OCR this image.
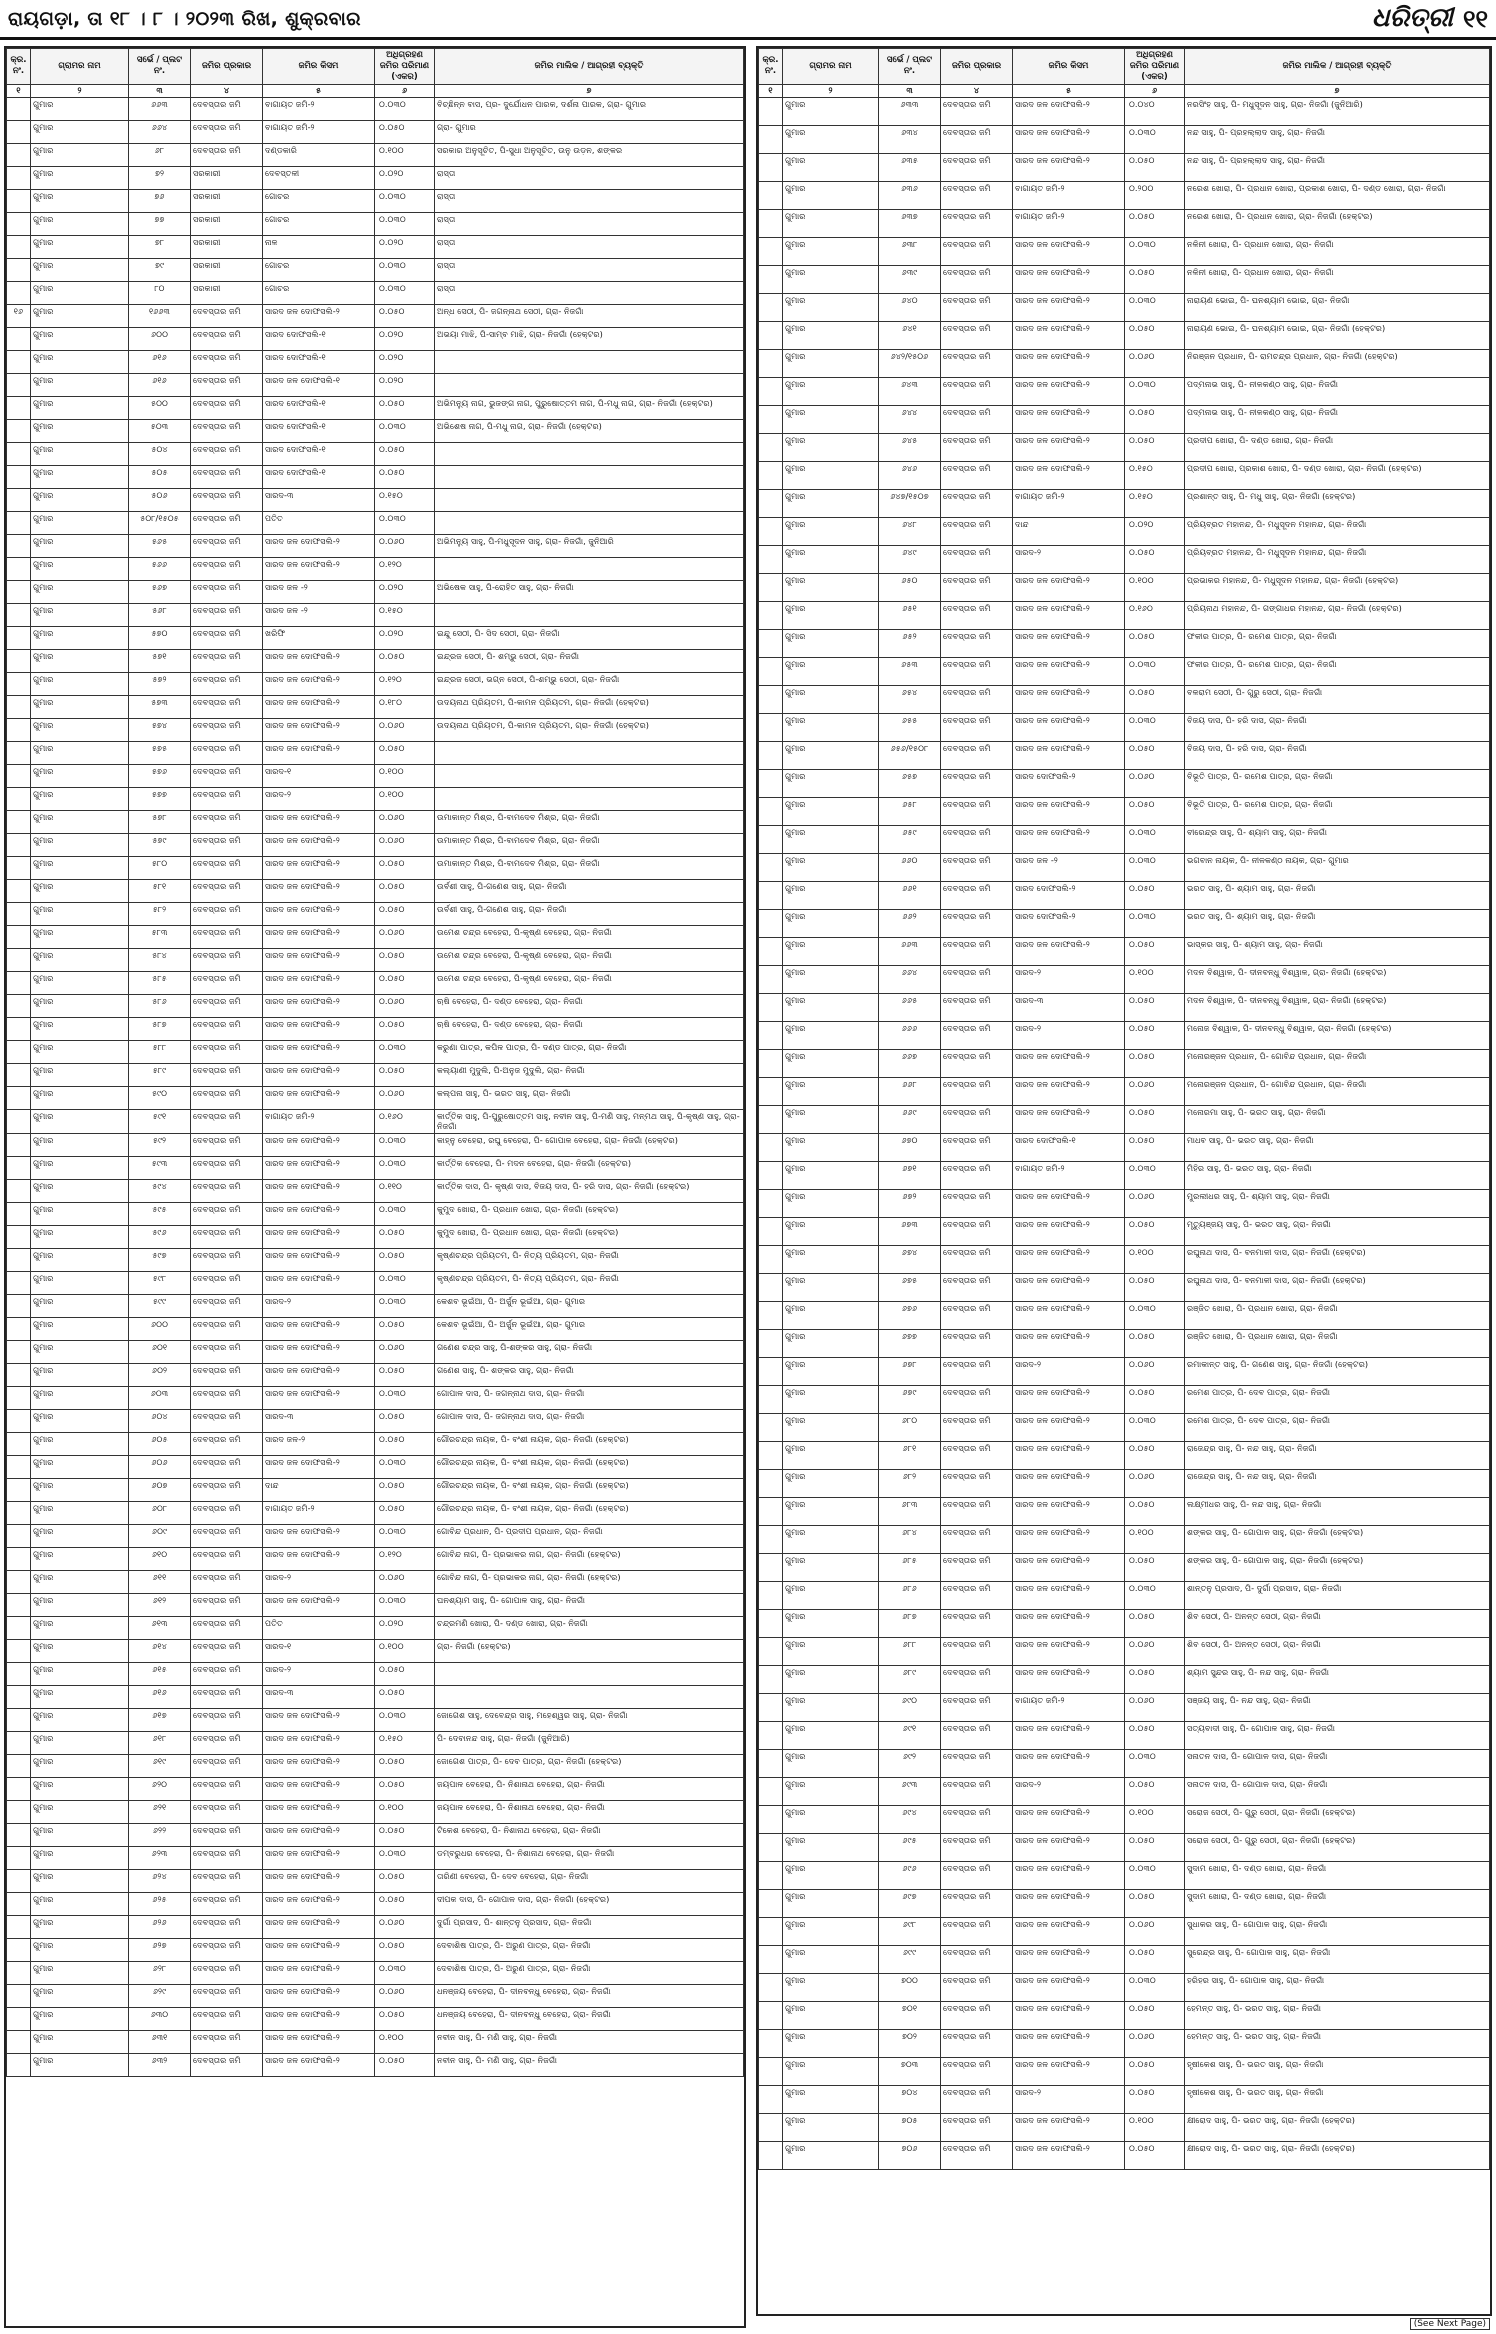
ରାୟଗଡ଼ା, ତା ୧୮ । ୮ । ୨୦୨୩ ରିଖ, ଶୁକ୍ରବାର	ଧରିତ୍ରୀ ୧୧
କ୍ର. ନଂ.	ଗ୍ରାମର ନାମ	ସର୍ଭେ / ପ୍ଲଟ ନଂ.	ଜମିର ପ୍ରକାର	ଜମିର କିସମ	ଅଧିଗ୍ରହଣ ଜମିର ପରିମାଣ (ଏକର)	ଜମିର ମାଲିକ / ଆଗ୍ରହୀ ବ୍ୟକ୍ତି
୧	୨	୩	୪	୫	୬	୭
	ଗୁମାର	୬୬୩	ଦେବସ୍ତାର ଜମି	ବାଗାୟତ ଜମି-୨	୦.୦୩୦	ବିଚ୍ଛିନ୍ନ ବାସ, ପ୍ର- ଦୁର୍ଯୋଧନ ପାରକ, ଦର୍ଶନା ପାରକ, ଗ୍ରା- ଗୁମାର
	ଗୁମାର	୬୬୪	ଦେବସ୍ତାର ଜମି	ବାଗାୟତ ଜମି-୨	୦.୦୫୦	ଗ୍ରା- ଗୁମାର
	ଗୁମାର	୬୮	ଦେବସ୍ତାର ଜମି	ଦଣ୍ଡକାରି	୦.୧୦୦	ସରକାର ଅନୁସୂଚିତ, ପି-ସୁଧା ଅନୁସୂଚିତ, ଉନୁ ଉଡ଼ନ, ଶଙ୍କର
	ଗୁମାର	୭୨	ସରକାରୀ	ଦେବସ୍ତଳୀ	୦.୦୨୦	ରାସ୍ତା
	ଗୁମାର	୭୬	ସରକାରୀ	ଗୋଚର	୦.୦୩୦	ରାସ୍ତା
	ଗୁମାର	୭୭	ସରକାରୀ	ଗୋଚର	୦.୦୩୦	ରାସ୍ତା
	ଗୁମାର	୭୮	ସରକାରୀ	ନାଳ	୦.୦୨୦	ରାସ୍ତା
	ଗୁମାର	୭୯	ସରକାରୀ	ଗୋଚର	୦.୦୩୦	ରାସ୍ତା
	ଗୁମାର	୮୦	ସରକାରୀ	ଗୋଚର	୦.୦୩୦	ରାସ୍ତା
୧୬	ଗୁମାର	୧୬୬୩	ଦେବସ୍ତାର ଜମି	ସାରଦ ଜଳ ଦୋଫସଲି-୨	୦.୦୫୦	ଅନ୍ଧ ସେଠୀ, ପି- ଜଗନ୍ନାଥ ସେଠୀ, ଗ୍ରା- ନିଜଗାଁ
	ଗୁମାର	୬୦୦	ଦେବସ୍ତାର ଜମି	ସାରଦ ଦୋଫସଲି-୧	୦.୦୨୦	ଅଭୟା ମାଝି, ପି-ସାମ୍ବ ମାଝି, ଗ୍ରା- ନିଜଗାଁ (ହେକ୍ଟର)
	ଗୁମାର	୬୧୬	ଦେବସ୍ତାର ଜମି	ସାରଦ ଦୋଫସଲି-୧	୦.୦୨୦	
	ଗୁମାର	୬୧୬	ଦେବସ୍ତାର ଜମି	ସାରଦ ଜଳ ଦୋଫସଲି-୧	୦.୦୨୦	
	ଗୁମାର	୫୦୦	ଦେବସ୍ତାର ଜମି	ସାରଦ ଦୋଫସଲି-୧	୦.୦୫୦	ଅଭିମନ୍ୟୁ ନାଗ, ଭୁଜଙ୍ଗ ନାଗ, ପୁରୁଷୋତ୍ତମ ନାଗ, ପି-ମଧୁ ନାଗ, ଗ୍ରା- ନିଜଗାଁ (ହେକ୍ଟର)
	ଗୁମାର	୫୦୩	ଦେବସ୍ତାର ଜମି	ସାରଦ ଦୋଫସଲି-୧	୦.୦୩୦	ଅଭିଶେଷ ନାଗ, ପି-ମଧୁ ନାଗ, ଗ୍ରା- ନିଜଗାଁ (ହେକ୍ଟର)
	ଗୁମାର	୫୦୪	ଦେବସ୍ତାର ଜମି	ସାରଦ ଦୋଫସଲି-୧	୦.୦୫୦	
	ଗୁମାର	୫୦୫	ଦେବସ୍ତାର ଜମି	ସାରଦ ଦୋଫସଲି-୧	୦.୦୫୦	
	ଗୁମାର	୫୦୬	ଦେବସ୍ତାର ଜମି	ସାରଦ-୩	୦.୧୫୦	
	ଗୁମାର	୫୦୮/୧୫୦୫	ଦେବସ୍ତାର ଜମି	ପତିତ	୦.୦୩୦	
	ଗୁମାର	୫୬୫	ଦେବସ୍ତାର ଜମି	ସାରଦ ଜଳ ଦୋଫସଲି-୨	୦.୦୬୦	ଅଭିମନ୍ୟୁ ସାହୁ, ପି-ମଧୁସୂଦନ ସାହୁ, ଗ୍ରା- ନିଜଗାଁ, ଜୁନିଆରି
	ଗୁମାର	୫୬୬	ଦେବସ୍ତାର ଜମି	ସାରଦ ଜଳ ଦୋଫସଲି-୨	୦.୧୨୦	
	ଗୁମାର	୫୬୭	ଦେବସ୍ତାର ଜମି	ସାରଦ ଜଳ -୨	୦.୦୨୦	ଅଭିଷେକ ସାହୁ, ପି-ରୋହିତ ସାହୁ, ଗ୍ରା- ନିଜଗାଁ
	ଗୁମାର	୫୬୮	ଦେବସ୍ତାର ଜମି	ସାରଦ ଜଳ -୨	୦.୧୫୦	
	ଗୁମାର	୫୭୦	ଦେବସ୍ତାର ଜମି	ଖରିଫି	୦.୦୨୦	ଇନ୍ଦୁ ସେଠୀ, ପି- ସିଦ ସେଠୀ, ଗ୍ରା- ନିଜଗାଁ
	ଗୁମାର	୫୭୧	ଦେବସ୍ତାର ଜମି	ସାରଦ ଜଳ ଦୋଫସଲି-୨	୦.୦୫୦	ଇନ୍ଦ୍ରଜ ସେଠୀ, ପି- ଶମ୍ଭୁ ସେଠୀ, ଗ୍ରା- ନିଜଗାଁ
	ଗୁମାର	୫୭୨	ଦେବସ୍ତାର ଜମି	ସାରଦ ଜଳ ଦୋଫସଲି-୨	୦.୧୨୦	ଇନ୍ଦ୍ରଜ ସେଠୀ, ଭଗ୍ନ ସେଠୀ, ପି-ଶମ୍ଭୁ ସେଠୀ, ଗ୍ରା- ନିଜଗାଁ
	ଗୁମାର	୫୭୩	ଦେବସ୍ତାର ଜମି	ସାରଦ ଜଳ ଦୋଫସଲି-୨	୦.୧୮୦	ଉଦୟନାଥ ପ୍ରିୟତମ, ପି-କାମନ ପ୍ରିୟତମ, ଗ୍ରା- ନିଜଗାଁ (ହେକ୍ଟର)
	ଗୁମାର	୫୭୪	ଦେବସ୍ତାର ଜମି	ସାରଦ ଜଳ ଦୋଫସଲି-୨	୦.୦୬୦	ଉଦୟନାଥ ପ୍ରିୟତମ, ପି-କାମନ ପ୍ରିୟତମ, ଗ୍ରା- ନିଜଗାଁ (ହେକ୍ଟର)
	ଗୁମାର	୫୭୫	ଦେବସ୍ତାର ଜମି	ସାରଦ ଜଳ ଦୋଫସଲି-୨	୦.୦୫୦	
	ଗୁମାର	୫୭୬	ଦେବସ୍ତାର ଜମି	ସାରଦ-୧	୦.୧୦୦	
	ଗୁମାର	୫୭୭	ଦେବସ୍ତାର ଜମି	ସାରଦ-୨	୦.୧୦୦	
	ଗୁମାର	୫୭୮	ଦେବସ୍ତାର ଜମି	ସାରଦ ଜଳ ଦୋଫସଲି-୨	୦.୦୬୦	ଉମାକାନ୍ତ ମିଶ୍ର, ପି-ବାମଦେବ ମିଶ୍ର, ଗ୍ରା- ନିଜଗାଁ
	ଗୁମାର	୫୭୯	ଦେବସ୍ତାର ଜମି	ସାରଦ ଜଳ ଦୋଫସଲି-୨	୦.୦୬୦	ଉମାକାନ୍ତ ମିଶ୍ର, ପି-ବାମଦେବ ମିଶ୍ର, ଗ୍ରା- ନିଜଗାଁ
	ଗୁମାର	୫୮୦	ଦେବସ୍ତାର ଜମି	ସାରଦ ଜଳ ଦୋଫସଲି-୨	୦.୦୫୦	ଉମାକାନ୍ତ ମିଶ୍ର, ପି-ବାମଦେବ ମିଶ୍ର, ଗ୍ରା- ନିଜଗାଁ
	ଗୁମାର	୫୮୧	ଦେବସ୍ତାର ଜମି	ସାରଦ ଜଳ ଦୋଫସଲି-୨	୦.୦୫୦	ଉର୍ବଶୀ ସାହୁ, ପି-ଗଣେଶ ସାହୁ, ଗ୍ରା- ନିଜଗାଁ
	ଗୁମାର	୫୮୨	ଦେବସ୍ତାର ଜମି	ସାରଦ ଜଳ ଦୋଫସଲି-୨	୦.୦୫୦	ଉର୍ବଶୀ ସାହୁ, ପି-ଗଣେଶ ସାହୁ, ଗ୍ରା- ନିଜଗାଁ
	ଗୁମାର	୫୮୩	ଦେବସ୍ତାର ଜମି	ସାରଦ ଜଳ ଦୋଫସଲି-୨	୦.୦୬୦	ଉମେଶ ଚନ୍ଦ୍ର ବେହେରା, ପି-କୃଷ୍ଣ ବେହେରା, ଗ୍ରା- ନିଜଗାଁ
	ଗୁମାର	୫୮୪	ଦେବସ୍ତାର ଜମି	ସାରଦ ଜଳ ଦୋଫସଲି-୨	୦.୦୫୦	ଉମେଶ ଚନ୍ଦ୍ର ବେହେରା, ପି-କୃଷ୍ଣ ବେହେରା, ଗ୍ରା- ନିଜଗାଁ
	ଗୁମାର	୫୮୫	ଦେବସ୍ତାର ଜମି	ସାରଦ ଜଳ ଦୋଫସଲି-୨	୦.୦୫୦	ଉମେଶ ଚନ୍ଦ୍ର ବେହେରା, ପି-କୃଷ୍ଣ ବେହେରା, ଗ୍ରା- ନିଜଗାଁ
	ଗୁମାର	୫୮୬	ଦେବସ୍ତାର ଜମି	ସାରଦ ଜଳ ଦୋଫସଲି-୨	୦.୦୬୦	ଋଷି ବେହେରା, ପି- ଦଣ୍ଡ ବେହେରା, ଗ୍ରା- ନିଜଗାଁ
	ଗୁମାର	୫୮୭	ଦେବସ୍ତାର ଜମି	ସାରଦ ଜଳ ଦୋଫସଲି-୨	୦.୦୫୦	ଋଷି ବେହେରା, ପି- ଦଣ୍ଡ ବେହେରା, ଗ୍ରା- ନିଜଗାଁ
	ଗୁମାର	୫୮୮	ଦେବସ୍ତାର ଜମି	ସାରଦ ଜଳ ଦୋଫସଲି-୨	୦.୦୩୦	କରୁଣା ପାତ୍ର, କପିଳ ପାତ୍ର, ପି- ଦଣ୍ଡ ପାତ୍ର, ଗ୍ରା- ନିଜଗାଁ
	ଗୁମାର	୫୮୯	ଦେବସ୍ତାର ଜମି	ସାରଦ ଜଳ ଦୋଫସଲି-୨	୦.୦୫୦	କଲ୍ୟାଣୀ ମୁଦୁଲି, ପି-ଅନୁଜ ମୁଦୁଲି, ଗ୍ରା- ନିଜଗାଁ
	ଗୁମାର	୫୯୦	ଦେବସ୍ତାର ଜମି	ସାରଦ ଜଳ ଦୋଫସଲି-୨	୦.୦୬୦	କଲ୍ପନା ସାହୁ, ପି- ଭରତ ସାହୁ, ଗ୍ରା- ନିଜଗାଁ
	ଗୁମାର	୫୯୧	ଦେବସ୍ତାର ଜମି	ବାଗାୟତ ଜମି-୨	୦.୧୬୦	କାର୍ତ୍ତିକ ସାହୁ, ପି-ପୁରୁଷୋତ୍ତମ ସାହୁ, ନବୀନ ସାହୁ, ପି-ମଣି ସାହୁ, ମନ୍ମଥ ସାହୁ, ପି-କୃଷ୍ଣ ସାହୁ, ଗ୍ରା- ନିଜଗାଁ
	ଗୁମାର	୫୯୨	ଦେବସ୍ତାର ଜମି	ସାରଦ ଜଳ ଦୋଫସଲି-୨	୦.୦୩୦	କାହ୍ନୁ ବେହେରା, ରଘୁ ବେହେରା, ପି- ଗୋପାଳ ବେହେରା, ଗ୍ରା- ନିଜଗାଁ (ହେକ୍ଟର)
	ଗୁମାର	୫୯୩	ଦେବସ୍ତାର ଜମି	ସାରଦ ଜଳ ଦୋଫସଲି-୨	୦.୦୩୦	କାର୍ତ୍ତିକ ବେହେରା, ପି- ମଦନ ବେହେରା, ଗ୍ରା- ନିଜଗାଁ (ହେକ୍ଟର)
	ଗୁମାର	୫୯୪	ଦେବସ୍ତାର ଜମି	ସାରଦ ଜଳ ଦୋଫସଲି-୨	୦.୧୧୦	କାର୍ତ୍ତିକ ଦାସ, ପି- କୃଷ୍ଣ ଦାସ, ବିଜୟ ଦାସ, ପି- ହରି ଦାସ, ଗ୍ରା- ନିଜଗାଁ (ହେକ୍ଟର)
	ଗୁମାର	୫୯୫	ଦେବସ୍ତାର ଜମି	ସାରଦ ଜଳ ଦୋଫସଲି-୨	୦.୦୩୦	କୁମୁଦ ଖୋରା, ପି- ପ୍ରଧାନ ଖୋରା, ଗ୍ରା- ନିଜଗାଁ (ହେକ୍ଟର)
	ଗୁମାର	୫୯୬	ଦେବସ୍ତାର ଜମି	ସାରଦ ଜଳ ଦୋଫସଲି-୨	୦.୦୫୦	କୁମୁଦ ଖୋରା, ପି- ପ୍ରଧାନ ଖୋରା, ଗ୍ରା- ନିଜଗାଁ (ହେକ୍ଟର)
	ଗୁମାର	୫୯୭	ଦେବସ୍ତାର ଜମି	ସାରଦ ଜଳ ଦୋଫସଲି-୨	୦.୦୫୦	କୃଷ୍ଣଚନ୍ଦ୍ର ପ୍ରିୟତମ, ପି- ନିତ୍ୟ ପ୍ରିୟତମ, ଗ୍ରା- ନିଜଗାଁ
	ଗୁମାର	୫୯୮	ଦେବସ୍ତାର ଜମି	ସାରଦ ଜଳ ଦୋଫସଲି-୨	୦.୦୩୦	କୃଷ୍ଣଚନ୍ଦ୍ର ପ୍ରିୟତମ, ପି- ନିତ୍ୟ ପ୍ରିୟତମ, ଗ୍ରା- ନିଜଗାଁ
	ଗୁମାର	୫୯୯	ଦେବସ୍ତାର ଜମି	ସାରଦ-୨	୦.୦୩୦	କେଶବ ଭୂଇଁଆ, ପି- ଅର୍ଜୁନ ଭୂଇଁଆ, ଗ୍ରା- ଗୁମାର
	ଗୁମାର	୬୦୦	ଦେବସ୍ତାର ଜମି	ସାରଦ ଜଳ ଦୋଫସଲି-୨	୦.୦୫୦	କେଶବ ଭୂଇଁଆ, ପି- ଅର୍ଜୁନ ଭୂଇଁଆ, ଗ୍ରା- ଗୁମାର
	ଗୁମାର	୬୦୧	ଦେବସ୍ତାର ଜମି	ସାରଦ ଜଳ ଦୋଫସଲି-୨	୦.୦୬୦	ଗଣେଶ ଚନ୍ଦ୍ର ସାହୁ, ପି-ଶଙ୍କର ସାହୁ, ଗ୍ରା- ନିଜଗାଁ
	ଗୁମାର	୬୦୨	ଦେବସ୍ତାର ଜମି	ସାରଦ ଜଳ ଦୋଫସଲି-୨	୦.୦୫୦	ଗଣେଶ ସାହୁ, ପି- ଶଙ୍କର ସାହୁ, ଗ୍ରା- ନିଜଗାଁ
	ଗୁମାର	୬୦୩	ଦେବସ୍ତାର ଜମି	ସାରଦ ଜଳ ଦୋଫସଲି-୨	୦.୦୩୦	ଗୋପାଳ ଦାସ, ପି- ଜଗନ୍ନାଥ ଦାସ, ଗ୍ରା- ନିଜଗାଁ
	ଗୁମାର	୬୦୪	ଦେବସ୍ତାର ଜମି	ସାରଦ-୩	୦.୦୫୦	ଗୋପାଳ ଦାସ, ପି- ଜଗନ୍ନାଥ ଦାସ, ଗ୍ରା- ନିଜଗାଁ
	ଗୁମାର	୬୦୫	ଦେବସ୍ତାର ଜମି	ସାରଦ ଜଳ-୨	୦.୦୫୦	ଗୌରଚନ୍ଦ୍ର ନାୟକ, ପି- ବଂଶୀ ନାୟକ, ଗ୍ରା- ନିଜଗାଁ (ହେକ୍ଟର)
	ଗୁମାର	୬୦୬	ଦେବସ୍ତାର ଜମି	ସାରଦ ଜଳ ଦୋଫସଲି-୨	୦.୦୩୦	ଗୌରଚନ୍ଦ୍ର ନାୟକ, ପି- ବଂଶୀ ନାୟକ, ଗ୍ରା- ନିଜଗାଁ (ହେକ୍ଟର)
	ଗୁମାର	୬୦୭	ଦେବସ୍ତାର ଜମି	ଦାନ୍ଦ	୦.୦୫୦	ଗୌରଚନ୍ଦ୍ର ନାୟକ, ପି- ବଂଶୀ ନାୟକ, ଗ୍ରା- ନିଜଗାଁ (ହେକ୍ଟର)
	ଗୁମାର	୬୦୮	ଦେବସ୍ତାର ଜମି	ବାଗାୟତ ଜମି-୨	୦.୦୫୦	ଗୌରଚନ୍ଦ୍ର ନାୟକ, ପି- ବଂଶୀ ନାୟକ, ଗ୍ରା- ନିଜଗାଁ (ହେକ୍ଟର)
	ଗୁମାର	୬୦୯	ଦେବସ୍ତାର ଜମି	ସାରଦ ଜଳ ଦୋଫସଲି-୨	୦.୦୩୦	ଗୋବିନ୍ଦ ପ୍ରଧାନ, ପି- ପ୍ରଦୀପ ପ୍ରଧାନ, ଗ୍ରା- ନିଜଗାଁ
	ଗୁମାର	୬୧୦	ଦେବସ୍ତାର ଜମି	ସାରଦ ଜଳ ଦୋଫସଲି-୨	୦.୧୨୦	ଗୋବିନ୍ଦ ନାଗ, ପି- ପ୍ରଭାକର ନାଗ, ଗ୍ରା- ନିଜଗାଁ (ହେକ୍ଟର)
	ଗୁମାର	୬୧୧	ଦେବସ୍ତାର ଜମି	ସାରଦ-୨	୦.୦୬୦	ଗୋବିନ୍ଦ ନାଗ, ପି- ପ୍ରଭାକର ନାଗ, ଗ୍ରା- ନିଜଗାଁ (ହେକ୍ଟର)
	ଗୁମାର	୬୧୨	ଦେବସ୍ତାର ଜମି	ସାରଦ ଜଳ ଦୋଫସଲି-୨	୦.୦୩୦	ଘନଶ୍ୟାମ ସାହୁ, ପି- ଗୋପାଳ ସାହୁ, ଗ୍ରା- ନିଜଗାଁ
	ଗୁମାର	୬୧୩	ଦେବସ୍ତାର ଜମି	ପତିତ	୦.୦୨୦	ଚନ୍ଦ୍ରମଣି ଖୋରା, ପି- ଦଣ୍ଡ ଖୋରା, ଗ୍ରା- ନିଜଗାଁ
	ଗୁମାର	୬୧୪	ଦେବସ୍ତାର ଜମି	ସାରଦ-୧	୦.୧୦୦	ଗ୍ରା- ନିଜଗାଁ (ହେକ୍ଟର)
	ଗୁମାର	୬୧୫	ଦେବସ୍ତାର ଜମି	ସାରଦ-୨	୦.୦୫୦	
	ଗୁମାର	୬୧୬	ଦେବସ୍ତାର ଜମି	ସାରଦ-୩	୦.୦୫୦	
	ଗୁମାର	୬୧୭	ଦେବସ୍ତାର ଜମି	ସାରଦ ଜଳ ଦୋଫସଲି-୨	୦.୦୩୦	ଜୋଗେଶ ସାହୁ, ଦେବେନ୍ଦ୍ର ସାହୁ, ମହେଶ୍ୱର ସାହୁ, ଗ୍ରା- ନିଜଗାଁ
	ଗୁମାର	୬୧୮	ଦେବସ୍ତାର ଜମି	ସାରଦ ଜଳ ଦୋଫସଲି-୨	୦.୧୫୦	ପି- ଦେବାନନ୍ଦ ସାହୁ, ଗ୍ରା- ନିଜଗାଁ (ଜୁନିଆରି)
	ଗୁମାର	୬୧୯	ଦେବସ୍ତାର ଜମି	ସାରଦ ଜଳ ଦୋଫସଲି-୨	୦.୦୫୦	ଜୋଗେଶ ପାତ୍ର, ପି- ଦେବ ପାତ୍ର, ଗ୍ରା- ନିଜଗାଁ (ହେକ୍ଟର)
	ଗୁମାର	୬୨୦	ଦେବସ୍ତାର ଜମି	ସାରଦ ଜଳ ଦୋଫସଲି-୨	୦.୦୫୦	ଜୟପାଳ ବେହେରା, ପି- ନିଶାନାଥ ବେହେରା, ଗ୍ରା- ନିଜଗାଁ
	ଗୁମାର	୬୨୧	ଦେବସ୍ତାର ଜମି	ସାରଦ ଜଳ ଦୋଫସଲି-୨	୦.୧୦୦	ଜୟପାଳ ବେହେରା, ପି- ନିଶାନାଥ ବେହେରା, ଗ୍ରା- ନିଜଗାଁ
	ଗୁମାର	୬୨୨	ଦେବସ୍ତାର ଜମି	ସାରଦ ଜଳ ଦୋଫସଲି-୨	୦.୦୫୦	ଟିକେଶ ବେହେରା, ପି- ନିଶାନାଥ ବେହେରା, ଗ୍ରା- ନିଜଗାଁ
	ଗୁମାର	୬୨୩	ଦେବସ୍ତାର ଜମି	ସାରଦ ଜଳ ଦୋଫସଲି-୨	୦.୦୩୦	ଡମ୍ବରୁଧର ବେହେରା, ପି- ନିଶାନାଥ ବେହେରା, ଗ୍ରା- ନିଜଗାଁ
	ଗୁମାର	୬୨୪	ଦେବସ୍ତାର ଜମି	ସାରଦ ଜଳ ଦୋଫସଲି-୨	୦.୦୫୦	ତାରିଣୀ ବେହେରା, ପି- ଦେବ ବେହେରା, ଗ୍ରା- ନିଜଗାଁ
	ଗୁମାର	୬୨୫	ଦେବସ୍ତାର ଜମି	ସାରଦ ଜଳ ଦୋଫସଲି-୨	୦.୦୫୦	ଦୀପକ ଦାସ, ପି- ଗୋପାଳ ଦାସ, ଗ୍ରା- ନିଜଗାଁ (ହେକ୍ଟର)
	ଗୁମାର	୬୨୬	ଦେବସ୍ତାର ଜମି	ସାରଦ ଜଳ ଦୋଫସଲି-୨	୦.୦୬୦	ଦୁର୍ଗା ପ୍ରସାଦ, ପି- ଶାନ୍ତନୁ ପ୍ରସାଦ, ଗ୍ରା- ନିଜଗାଁ
	ଗୁମାର	୬୨୭	ଦେବସ୍ତାର ଜମି	ସାରଦ ଜଳ ଦୋଫସଲି-୨	୦.୦୫୦	ଦେବାଶିଷ ପାତ୍ର, ପି- ଅରୁଣ ପାତ୍ର, ଗ୍ରା- ନିଜଗାଁ
	ଗୁମାର	୬୨୮	ଦେବସ୍ତାର ଜମି	ସାରଦ ଜଳ ଦୋଫସଲି-୨	୦.୦୩୦	ଦେବାଶିଷ ପାତ୍ର, ପି- ଅରୁଣ ପାତ୍ର, ଗ୍ରା- ନିଜଗାଁ
	ଗୁମାର	୬୨୯	ଦେବସ୍ତାର ଜମି	ସାରଦ ଜଳ ଦୋଫସଲି-୨	୦.୦୬୦	ଧନଞ୍ଜୟ ବେହେରା, ପି- ଦୀନବନ୍ଧୁ ବେହେରା, ଗ୍ରା- ନିଜଗାଁ
	ଗୁମାର	୬୩୦	ଦେବସ୍ତାର ଜମି	ସାରଦ ଜଳ ଦୋଫସଲି-୨	୦.୦୫୦	ଧନଞ୍ଜୟ ବେହେରା, ପି- ଦୀନବନ୍ଧୁ ବେହେରା, ଗ୍ରା- ନିଜଗାଁ
	ଗୁମାର	୬୩୧	ଦେବସ୍ତାର ଜମି	ସାରଦ ଜଳ ଦୋଫସଲି-୨	୦.୧୦୦	ନବୀନ ସାହୁ, ପି- ମଣି ସାହୁ, ଗ୍ରା- ନିଜଗାଁ
	ଗୁମାର	୬୩୨	ଦେବସ୍ତାର ଜମି	ସାରଦ ଜଳ ଦୋଫସଲି-୨	୦.୦୫୦	ନବୀନ ସାହୁ, ପି- ମଣି ସାହୁ, ଗ୍ରା- ନିଜଗାଁ
କ୍ର. ନଂ.	ଗ୍ରାମର ନାମ	ସର୍ଭେ / ପ୍ଲଟ ନଂ.	ଜମିର ପ୍ରକାର	ଜମିର କିସମ	ଅଧିଗ୍ରହଣ ଜମିର ପରିମାଣ (ଏକର)	ଜମିର ମାଲିକ / ଆଗ୍ରହୀ ବ୍ୟକ୍ତି
୧	୨	୩	୪	୫	୬	୭
	ଗୁମାର	୬୩୩	ଦେବସ୍ତାର ଜମି	ସାରଦ ଜଳ ଦୋଫସଲି-୨	୦.୦୪୦	ନରସିଂହ ସାହୁ, ପି- ମଧୁସୂଦନ ସାହୁ, ଗ୍ରା- ନିଜଗାଁ (ଜୁନିଆରି)
	ଗୁମାର	୬୩୪	ଦେବସ୍ତାର ଜମି	ସାରଦ ଜଳ ଦୋଫସଲି-୨	୦.୦୩୦	ନନ୍ଦ ସାହୁ, ପି- ପ୍ରହଲ୍ଲାଦ ସାହୁ, ଗ୍ରା- ନିଜଗାଁ
	ଗୁମାର	୬୩୫	ଦେବସ୍ତାର ଜମି	ସାରଦ ଜଳ ଦୋଫସଲି-୨	୦.୦୫୦	ନନ୍ଦ ସାହୁ, ପି- ପ୍ରହଲ୍ଲାଦ ସାହୁ, ଗ୍ରା- ନିଜଗାଁ
	ଗୁମାର	୬୩୬	ଦେବସ୍ତାର ଜମି	ବାଗାୟତ ଜମି-୨	୦.୨୦୦	ନରେଶ ଖୋରା, ପି- ପ୍ରଧାନ ଖୋରା, ପ୍ରକାଶ ଖୋରା, ପି- ଦଣ୍ଡ ଖୋରା, ଗ୍ରା- ନିଜଗାଁ
	ଗୁମାର	୬୩୭	ଦେବସ୍ତାର ଜମି	ବାଗାୟତ ଜମି-୨	୦.୦୫୦	ନରେଶ ଖୋରା, ପି- ପ୍ରଧାନ ଖୋରା, ଗ୍ରା- ନିଜଗାଁ (ହେକ୍ଟର)
	ଗୁମାର	୬୩୮	ଦେବସ୍ତାର ଜମି	ସାରଦ ଜଳ ଦୋଫସଲି-୨	୦.୦୩୦	ନଳିନୀ ଖୋରା, ପି- ପ୍ରଧାନ ଖୋରା, ଗ୍ରା- ନିଜଗାଁ
	ଗୁମାର	୬୩୯	ଦେବସ୍ତାର ଜମି	ସାରଦ ଜଳ ଦୋଫସଲି-୨	୦.୦୫୦	ନଳିନୀ ଖୋରା, ପି- ପ୍ରଧାନ ଖୋରା, ଗ୍ରା- ନିଜଗାଁ
	ଗୁମାର	୬୪୦	ଦେବସ୍ତାର ଜମି	ସାରଦ ଜଳ ଦୋଫସଲି-୨	୦.୦୩୦	ନାରାୟଣ ଭୋଇ, ପି- ଘନଶ୍ୟାମ ଭୋଇ, ଗ୍ରା- ନିଜଗାଁ
	ଗୁମାର	୬୪୧	ଦେବସ୍ତାର ଜମି	ସାରଦ ଜଳ ଦୋଫସଲି-୨	୦.୦୫୦	ନାରାୟଣ ଭୋଇ, ପି- ଘନଶ୍ୟାମ ଭୋଇ, ଗ୍ରା- ନିଜଗାଁ (ହେକ୍ଟର)
	ଗୁମାର	୬୪୨/୧୫୦୬	ଦେବସ୍ତାର ଜମି	ସାରଦ ଜଳ ଦୋଫସଲି-୨	୦.୦୬୦	ନିରଞ୍ଜନ ପ୍ରଧାନ, ପି- ରାମଚନ୍ଦ୍ର ପ୍ରଧାନ, ଗ୍ରା- ନିଜଗାଁ (ହେକ୍ଟର)
	ଗୁମାର	୬୪୩	ଦେବସ୍ତାର ଜମି	ସାରଦ ଜଳ ଦୋଫସଲି-୨	୦.୦୩୦	ପଦ୍ମନାଭ ସାହୁ, ପି- ନୀଳକଣ୍ଠ ସାହୁ, ଗ୍ରା- ନିଜଗାଁ
	ଗୁମାର	୬୪୪	ଦେବସ୍ତାର ଜମି	ସାରଦ ଜଳ ଦୋଫସଲି-୨	୦.୦୫୦	ପଦ୍ମନାଭ ସାହୁ, ପି- ନୀଳକଣ୍ଠ ସାହୁ, ଗ୍ରା- ନିଜଗାଁ
	ଗୁମାର	୬୪୫	ଦେବସ୍ତାର ଜମି	ସାରଦ ଜଳ ଦୋଫସଲି-୨	୦.୦୫୦	ପ୍ରଦୀପ ଖୋରା, ପି- ଦଣ୍ଡ ଖୋରା, ଗ୍ରା- ନିଜଗାଁ
	ଗୁମାର	୬୪୬	ଦେବସ୍ତାର ଜମି	ସାରଦ ଜଳ ଦୋଫସଲି-୨	୦.୧୫୦	ପ୍ରଦୀପ ଖୋରା, ପ୍ରକାଶ ଖୋରା, ପି- ଦଣ୍ଡ ଖୋରା, ଗ୍ରା- ନିଜଗାଁ (ହେକ୍ଟର)
	ଗୁମାର	୬୪୭/୧୫୦୭	ଦେବସ୍ତାର ଜମି	ବାଗାୟତ ଜମି-୨	୦.୧୫୦	ପ୍ରଶାନ୍ତ ସାହୁ, ପି- ମଧୁ ସାହୁ, ଗ୍ରା- ନିଜଗାଁ (ହେକ୍ଟର)
	ଗୁମାର	୬୪୮	ଦେବସ୍ତାର ଜମି	ଦାନ୍ଦ	୦.୦୨୦	ପ୍ରିୟବ୍ରତ ମହାନନ୍ଦ, ପି- ମଧୁସୂଦନ ମହାନନ୍ଦ, ଗ୍ରା- ନିଜଗାଁ
	ଗୁମାର	୬୪୯	ଦେବସ୍ତାର ଜମି	ସାରଦ-୨	୦.୦୫୦	ପ୍ରିୟବ୍ରତ ମହାନନ୍ଦ, ପି- ମଧୁସୂଦନ ମହାନନ୍ଦ, ଗ୍ରା- ନିଜଗାଁ
	ଗୁମାର	୬୫୦	ଦେବସ୍ତାର ଜମି	ସାରଦ ଜଳ ଦୋଫସଲି-୨	୦.୧୦୦	ପ୍ରଭାକର ମହାନନ୍ଦ, ପି- ମଧୁସୂଦନ ମହାନନ୍ଦ, ଗ୍ରା- ନିଜଗାଁ (ହେକ୍ଟର)
	ଗୁମାର	୬୫୧	ଦେବସ୍ତାର ଜମି	ସାରଦ ଜଳ ଦୋଫସଲି-୨	୦.୧୬୦	ପ୍ରିୟନାଥ ମହାନନ୍ଦ, ପି- ଗଙ୍ଗାଧର ମହାନନ୍ଦ, ଗ୍ରା- ନିଜଗାଁ (ହେକ୍ଟର)
	ଗୁମାର	୬୫୨	ଦେବସ୍ତାର ଜମି	ସାରଦ ଜଳ ଦୋଫସଲି-୨	୦.୦୫୦	ଫକୀର ପାତ୍ର, ପି- ରମେଶ ପାତ୍ର, ଗ୍ରା- ନିଜଗାଁ
	ଗୁମାର	୬୫୩	ଦେବସ୍ତାର ଜମି	ସାରଦ ଜଳ ଦୋଫସଲି-୨	୦.୦୩୦	ଫକୀର ପାତ୍ର, ପି- ରମେଶ ପାତ୍ର, ଗ୍ରା- ନିଜଗାଁ
	ଗୁମାର	୬୫୪	ଦେବସ୍ତାର ଜମି	ସାରଦ ଜଳ ଦୋଫସଲି-୨	୦.୦୫୦	ବଳରାମ ସେଠୀ, ପି- ଗୁରୁ ସେଠୀ, ଗ୍ରା- ନିଜଗାଁ
	ଗୁମାର	୬୫୫	ଦେବସ୍ତାର ଜମି	ସାରଦ ଜଳ ଦୋଫସଲି-୨	୦.୦୩୦	ବିଜୟ ଦାସ, ପି- ହରି ଦାସ, ଗ୍ରା- ନିଜଗାଁ
	ଗୁମାର	୬୫୬/୧୫୦୮	ଦେବସ୍ତାର ଜମି	ସାରଦ ଜଳ ଦୋଫସଲି-୨	୦.୦୫୦	ବିଜୟ ଦାସ, ପି- ହରି ଦାସ, ଗ୍ରା- ନିଜଗାଁ
	ଗୁମାର	୬୫୭	ଦେବସ୍ତାର ଜମି	ସାରଦ ଦୋଫସଲି-୨	୦.୦୬୦	ବିଭୂତି ପାତ୍ର, ପି- ରମେଶ ପାତ୍ର, ଗ୍ରା- ନିଜଗାଁ
	ଗୁମାର	୬୫୮	ଦେବସ୍ତାର ଜମି	ସାରଦ ଜଳ ଦୋଫସଲି-୨	୦.୦୫୦	ବିଭୂତି ପାତ୍ର, ପି- ରମେଶ ପାତ୍ର, ଗ୍ରା- ନିଜଗାଁ
	ଗୁମାର	୬୫୯	ଦେବସ୍ତାର ଜମି	ସାରଦ ଜଳ ଦୋଫସଲି-୨	୦.୦୩୦	ବୀରେନ୍ଦ୍ର ସାହୁ, ପି- ଶ୍ୟାମ ସାହୁ, ଗ୍ରା- ନିଜଗାଁ
	ଗୁମାର	୬୬୦	ଦେବସ୍ତାର ଜମି	ସାରଦ ଜଳ -୨	୦.୦୩୦	ଭଗବାନ ନାୟକ, ପି- ନୀଳକଣ୍ଠ ନାୟକ, ଗ୍ରା- ଗୁମାର
	ଗୁମାର	୬୬୧	ଦେବସ୍ତାର ଜମି	ସାରଦ ଦୋଫସଲି-୨	୦.୦୫୦	ଭରତ ସାହୁ, ପି- ଶ୍ୟାମ ସାହୁ, ଗ୍ରା- ନିଜଗାଁ
	ଗୁମାର	୬୬୨	ଦେବସ୍ତାର ଜମି	ସାରଦ ଦୋଫସଲି-୨	୦.୦୩୦	ଭରତ ସାହୁ, ପି- ଶ୍ୟାମ ସାହୁ, ଗ୍ରା- ନିଜଗାଁ
	ଗୁମାର	୬୬୩	ଦେବସ୍ତାର ଜମି	ସାରଦ ଜଳ ଦୋଫସଲି-୨	୦.୦୫୦	ଭାସ୍କର ସାହୁ, ପି- ଶ୍ୟାମ ସାହୁ, ଗ୍ରା- ନିଜଗାଁ
	ଗୁମାର	୬୬୪	ଦେବସ୍ତାର ଜମି	ସାରଦ-୨	୦.୧୦୦	ମଦନ ବିଶ୍ୱାଳ, ପି- ଦୀନବନ୍ଧୁ ବିଶ୍ୱାଳ, ଗ୍ରା- ନିଜଗାଁ (ହେକ୍ଟର)
	ଗୁମାର	୬୬୫	ଦେବସ୍ତାର ଜମି	ସାରଦ-୩	୦.୦୫୦	ମଦନ ବିଶ୍ୱାଳ, ପି- ଦୀନବନ୍ଧୁ ବିଶ୍ୱାଳ, ଗ୍ରା- ନିଜଗାଁ (ହେକ୍ଟର)
	ଗୁମାର	୬୬୬	ଦେବସ୍ତାର ଜମି	ସାରଦ-୨	୦.୦୫୦	ମନୋଜ ବିଶ୍ୱାଳ, ପି- ଦୀନବନ୍ଧୁ ବିଶ୍ୱାଳ, ଗ୍ରା- ନିଜଗାଁ (ହେକ୍ଟର)
	ଗୁମାର	୬୬୭	ଦେବସ୍ତାର ଜମି	ସାରଦ ଜଳ ଦୋଫସଲି-୨	୦.୦୫୦	ମନୋରଞ୍ଜନ ପ୍ରଧାନ, ପି- ଗୋବିନ୍ଦ ପ୍ରଧାନ, ଗ୍ରା- ନିଜଗାଁ
	ଗୁମାର	୬୬୮	ଦେବସ୍ତାର ଜମି	ସାରଦ ଜଳ ଦୋଫସଲି-୨	୦.୦୬୦	ମନୋରଞ୍ଜନ ପ୍ରଧାନ, ପି- ଗୋବିନ୍ଦ ପ୍ରଧାନ, ଗ୍ରା- ନିଜଗାଁ
	ଗୁମାର	୬୬୯	ଦେବସ୍ତାର ଜମି	ସାରଦ ଜଳ ଦୋଫସଲି-୨	୦.୦୫୦	ମନୋରମା ସାହୁ, ପି- ଭରତ ସାହୁ, ଗ୍ରା- ନିଜଗାଁ
	ଗୁମାର	୬୭୦	ଦେବସ୍ତାର ଜମି	ସାରଦ ଦୋଫସଲି-୧	୦.୦୫୦	ମାଧବ ସାହୁ, ପି- ଭରତ ସାହୁ, ଗ୍ରା- ନିଜଗାଁ
	ଗୁମାର	୬୭୧	ଦେବସ୍ତାର ଜମି	ବାଗାୟତ ଜମି-୨	୦.୦୩୦	ମିହିର ସାହୁ, ପି- ଭରତ ସାହୁ, ଗ୍ରା- ନିଜଗାଁ
	ଗୁମାର	୬୭୨	ଦେବସ୍ତାର ଜମି	ସାରଦ ଜଳ ଦୋଫସଲି-୨	୦.୦୬୦	ମୁରଲୀଧର ସାହୁ, ପି- ଶ୍ୟାମ ସାହୁ, ଗ୍ରା- ନିଜଗାଁ
	ଗୁମାର	୬୭୩	ଦେବସ୍ତାର ଜମି	ସାରଦ ଜଳ ଦୋଫସଲି-୨	୦.୦୫୦	ମୃତ୍ୟୁଞ୍ଜୟ ସାହୁ, ପି- ଭରତ ସାହୁ, ଗ୍ରା- ନିଜଗାଁ
	ଗୁମାର	୬୭୪	ଦେବସ୍ତାର ଜମି	ସାରଦ ଜଳ ଦୋଫସଲି-୨	୦.୧୦୦	ରଘୁନାଥ ଦାସ, ପି- ବନମାଳୀ ଦାସ, ଗ୍ରା- ନିଜଗାଁ (ହେକ୍ଟର)
	ଗୁମାର	୬୭୫	ଦେବସ୍ତାର ଜମି	ସାରଦ ଜଳ ଦୋଫସଲି-୨	୦.୦୫୦	ରଘୁନାଥ ଦାସ, ପି- ବନମାଳୀ ଦାସ, ଗ୍ରା- ନିଜଗାଁ (ହେକ୍ଟର)
	ଗୁମାର	୬୭୬	ଦେବସ୍ତାର ଜମି	ସାରଦ ଜଳ ଦୋଫସଲି-୨	୦.୦୩୦	ରଞ୍ଜିତ ଖୋରା, ପି- ପ୍ରଧାନ ଖୋରା, ଗ୍ରା- ନିଜଗାଁ
	ଗୁମାର	୬୭୭	ଦେବସ୍ତାର ଜମି	ସାରଦ ଜଳ ଦୋଫସଲି-୨	୦.୦୫୦	ରଞ୍ଜିତ ଖୋରା, ପି- ପ୍ରଧାନ ଖୋରା, ଗ୍ରା- ନିଜଗାଁ
	ଗୁମାର	୬୭୮	ଦେବସ୍ତାର ଜମି	ସାରଦ-୨	୦.୦୬୦	ରମାକାନ୍ତ ସାହୁ, ପି- ଗଣେଶ ସାହୁ, ଗ୍ରା- ନିଜଗାଁ (ହେକ୍ଟର)
	ଗୁମାର	୬୭୯	ଦେବସ୍ତାର ଜମି	ସାରଦ ଜଳ ଦୋଫସଲି-୨	୦.୦୫୦	ରମେଶ ପାତ୍ର, ପି- ଦେବ ପାତ୍ର, ଗ୍ରା- ନିଜଗାଁ
	ଗୁମାର	୬୮୦	ଦେବସ୍ତାର ଜମି	ସାରଦ ଜଳ ଦୋଫସଲି-୨	୦.୦୩୦	ରମେଶ ପାତ୍ର, ପି- ଦେବ ପାତ୍ର, ଗ୍ରା- ନିଜଗାଁ
	ଗୁମାର	୬୮୧	ଦେବସ୍ତାର ଜମି	ସାରଦ ଜଳ ଦୋଫସଲି-୨	୦.୦୫୦	ରାଜେନ୍ଦ୍ର ସାହୁ, ପି- ନନ୍ଦ ସାହୁ, ଗ୍ରା- ନିଜଗାଁ
	ଗୁମାର	୬୮୨	ଦେବସ୍ତାର ଜମି	ସାରଦ ଜଳ ଦୋଫସଲି-୨	୦.୦୬୦	ରାଜେନ୍ଦ୍ର ସାହୁ, ପି- ନନ୍ଦ ସାହୁ, ଗ୍ରା- ନିଜଗାଁ
	ଗୁମାର	୬୮୩	ଦେବସ୍ତାର ଜମି	ସାରଦ ଜଳ ଦୋଫସଲି-୨	୦.୦୫୦	ଲକ୍ଷ୍ମୀଧର ସାହୁ, ପି- ନନ୍ଦ ସାହୁ, ଗ୍ରା- ନିଜଗାଁ
	ଗୁମାର	୬୮୪	ଦେବସ୍ତାର ଜମି	ସାରଦ ଜଳ ଦୋଫସଲି-୨	୦.୧୦୦	ଶଙ୍କର ସାହୁ, ପି- ଗୋପାଳ ସାହୁ, ଗ୍ରା- ନିଜଗାଁ (ହେକ୍ଟର)
	ଗୁମାର	୬୮୫	ଦେବସ୍ତାର ଜମି	ସାରଦ ଜଳ ଦୋଫସଲି-୨	୦.୦୫୦	ଶଙ୍କର ସାହୁ, ପି- ଗୋପାଳ ସାହୁ, ଗ୍ରା- ନିଜଗାଁ (ହେକ୍ଟର)
	ଗୁମାର	୬୮୬	ଦେବସ୍ତାର ଜମି	ସାରଦ ଜଳ ଦୋଫସଲି-୨	୦.୦୩୦	ଶାନ୍ତନୁ ପ୍ରସାଦ, ପି- ଦୁର୍ଗା ପ୍ରସାଦ, ଗ୍ରା- ନିଜଗାଁ
	ଗୁମାର	୬୮୭	ଦେବସ୍ତାର ଜମି	ସାରଦ ଜଳ ଦୋଫସଲି-୨	୦.୦୫୦	ଶିବ ସେଠୀ, ପି- ଅନନ୍ତ ସେଠୀ, ଗ୍ରା- ନିଜଗାଁ
	ଗୁମାର	୬୮୮	ଦେବସ୍ତାର ଜମି	ସାରଦ ଜଳ ଦୋଫସଲି-୨	୦.୦୬୦	ଶିବ ସେଠୀ, ପି- ଅନନ୍ତ ସେଠୀ, ଗ୍ରା- ନିଜଗାଁ
	ଗୁମାର	୬୮୯	ଦେବସ୍ତାର ଜମି	ସାରଦ ଜଳ ଦୋଫସଲି-୨	୦.୦୫୦	ଶ୍ୟାମ ସୁନ୍ଦର ସାହୁ, ପି- ନନ୍ଦ ସାହୁ, ଗ୍ରା- ନିଜଗାଁ
	ଗୁମାର	୬୯୦	ଦେବସ୍ତାର ଜମି	ବାଗାୟତ ଜମି-୨	୦.୦୬୦	ସଞ୍ଜୟ ସାହୁ, ପି- ନନ୍ଦ ସାହୁ, ଗ୍ରା- ନିଜଗାଁ
	ଗୁମାର	୬୯୧	ଦେବସ୍ତାର ଜମି	ସାରଦ ଜଳ ଦୋଫସଲି-୨	୦.୦୫୦	ସତ୍ୟବାଦୀ ସାହୁ, ପି- ଗୋପାଳ ସାହୁ, ଗ୍ରା- ନିଜଗାଁ
	ଗୁମାର	୬୯୨	ଦେବସ୍ତାର ଜମି	ସାରଦ ଜଳ ଦୋଫସଲି-୨	୦.୦୩୦	ସନାତନ ଦାସ, ପି- ଗୋପାଳ ଦାସ, ଗ୍ରା- ନିଜଗାଁ
	ଗୁମାର	୬୯୩	ଦେବସ୍ତାର ଜମି	ସାରଦ-୨	୦.୦୫୦	ସନାତନ ଦାସ, ପି- ଗୋପାଳ ଦାସ, ଗ୍ରା- ନିଜଗାଁ
	ଗୁମାର	୬୯୪	ଦେବସ୍ତାର ଜମି	ସାରଦ ଜଳ ଦୋଫସଲି-୨	୦.୧୦୦	ସରୋଜ ସେଠୀ, ପି- ଗୁରୁ ସେଠୀ, ଗ୍ରା- ନିଜଗାଁ (ହେକ୍ଟର)
	ଗୁମାର	୬୯୫	ଦେବସ୍ତାର ଜମି	ସାରଦ ଜଳ ଦୋଫସଲି-୨	୦.୦୫୦	ସରୋଜ ସେଠୀ, ପି- ଗୁରୁ ସେଠୀ, ଗ୍ରା- ନିଜଗାଁ (ହେକ୍ଟର)
	ଗୁମାର	୬୯୬	ଦେବସ୍ତାର ଜମି	ସାରଦ ଜଳ ଦୋଫସଲି-୨	୦.୦୩୦	ସୁଦାମ ଖୋରା, ପି- ଦଣ୍ଡ ଖୋରା, ଗ୍ରା- ନିଜଗାଁ
	ଗୁମାର	୬୯୭	ଦେବସ୍ତାର ଜମି	ସାରଦ ଜଳ ଦୋଫସଲି-୨	୦.୦୫୦	ସୁଦାମ ଖୋରା, ପି- ଦଣ୍ଡ ଖୋରା, ଗ୍ରା- ନିଜଗାଁ
	ଗୁମାର	୬୯୮	ଦେବସ୍ତାର ଜମି	ସାରଦ ଜଳ ଦୋଫସଲି-୨	୦.୦୬୦	ସୁଧାକର ସାହୁ, ପି- ଗୋପାଳ ସାହୁ, ଗ୍ରା- ନିଜଗାଁ
	ଗୁମାର	୬୯୯	ଦେବସ୍ତାର ଜମି	ସାରଦ ଜଳ ଦୋଫସଲି-୨	୦.୦୫୦	ସୁରେନ୍ଦ୍ର ସାହୁ, ପି- ଗୋପାଳ ସାହୁ, ଗ୍ରା- ନିଜଗାଁ
	ଗୁମାର	୭୦୦	ଦେବସ୍ତାର ଜମି	ସାରଦ ଜଳ ଦୋଫସଲି-୨	୦.୦୩୦	ହରିହର ସାହୁ, ପି- ଗୋପାଳ ସାହୁ, ଗ୍ରା- ନିଜଗାଁ
	ଗୁମାର	୭୦୧	ଦେବସ୍ତାର ଜମି	ସାରଦ ଜଳ ଦୋଫସଲି-୨	୦.୦୫୦	ହେମନ୍ତ ସାହୁ, ପି- ଭରତ ସାହୁ, ଗ୍ରା- ନିଜଗାଁ
	ଗୁମାର	୭୦୨	ଦେବସ୍ତାର ଜମି	ସାରଦ ଜଳ ଦୋଫସଲି-୨	୦.୦୬୦	ହେମନ୍ତ ସାହୁ, ପି- ଭରତ ସାହୁ, ଗ୍ରା- ନିଜଗାଁ
	ଗୁମାର	୭୦୩	ଦେବସ୍ତାର ଜମି	ସାରଦ ଜଳ ଦୋଫସଲି-୨	୦.୦୫୦	ହୃଷୀକେଶ ସାହୁ, ପି- ଭରତ ସାହୁ, ଗ୍ରା- ନିଜଗାଁ
	ଗୁମାର	୭୦୪	ଦେବସ୍ତାର ଜମି	ସାରଦ-୨	୦.୦୫୦	ହୃଷୀକେଶ ସାହୁ, ପି- ଭରତ ସାହୁ, ଗ୍ରା- ନିଜଗାଁ
	ଗୁମାର	୭୦୫	ଦେବସ୍ତାର ଜମି	ସାରଦ ଜଳ ଦୋଫସଲି-୨	୦.୧୦୦	କ୍ଷୀରୋଦ ସାହୁ, ପି- ଭରତ ସାହୁ, ଗ୍ରା- ନିଜଗାଁ (ହେକ୍ଟର)
	ଗୁମାର	୭୦୬	ଦେବସ୍ତାର ଜମି	ସାରଦ ଜଳ ଦୋଫସଲି-୨	୦.୦୫୦	କ୍ଷୀରୋଦ ସାହୁ, ପି- ଭରତ ସାହୁ, ଗ୍ରା- ନିଜଗାଁ (ହେକ୍ଟର)
(See Next Page)
